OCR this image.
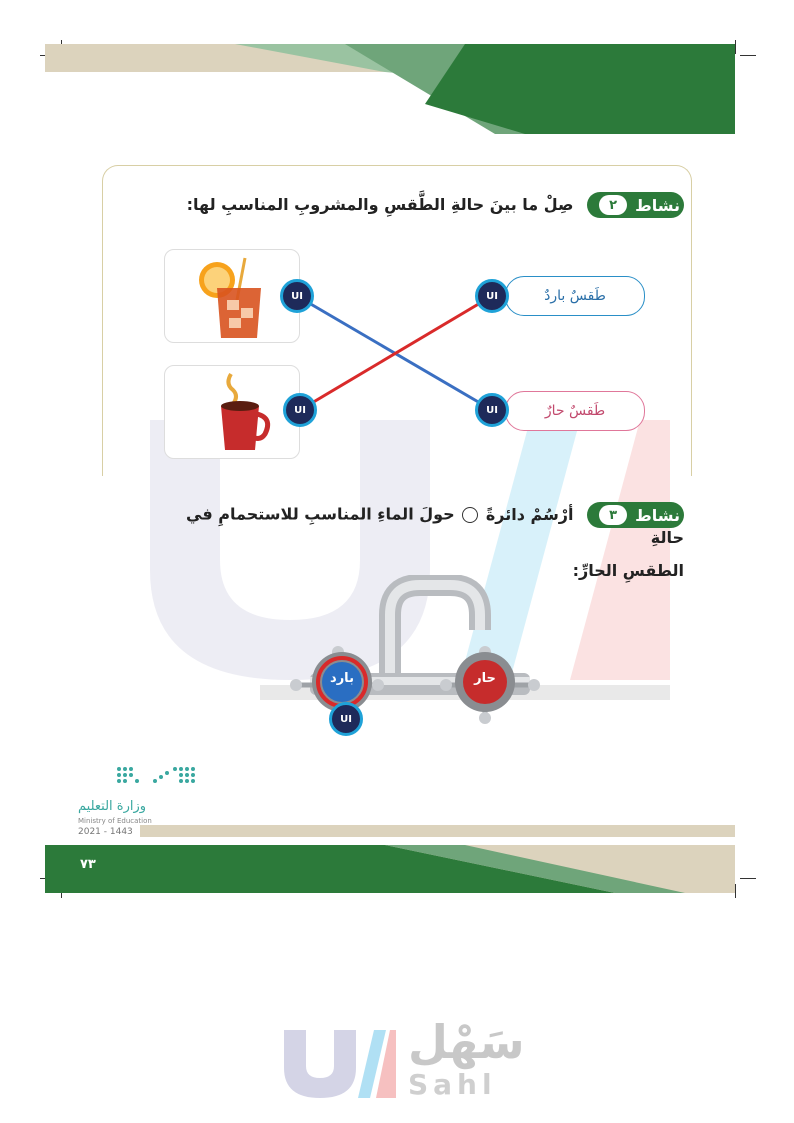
نشاط
٢
صِلْ ما بينَ حالةِ الطَّقسِ والمشروبِ المناسبِ لها:
طَقسٌ باردٌ
طَقسٌ حارٌ
UI	UI
UI	UI
نشاط
٣
أرْسُمْ دائرةً  حولَ الماءِ المناسبِ للاستحمامِ في حالةِ
الطقسِ الحارِّ:
بارد	حار
UI
وزارة التعليم
Ministry of Education
2021 - 1443
٧٣
سَهْل
Sahl
